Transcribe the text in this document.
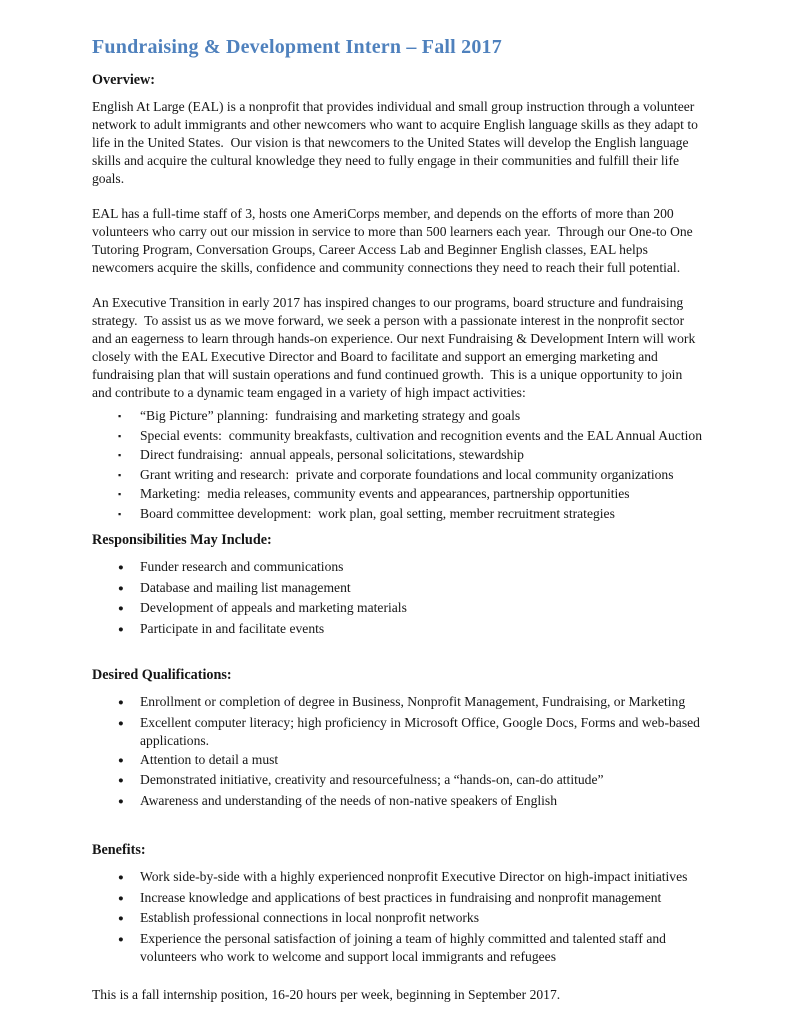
Fundraising & Development Intern – Fall 2017
Overview:

English At Large (EAL) is a nonprofit that provides individual and small group instruction through a volunteer network to adult immigrants and other newcomers who want to acquire English language skills as they adapt to life in the United States.  Our vision is that newcomers to the United States will develop the English language skills and acquire the cultural knowledge they need to fully engage in their communities and fulfill their life goals.

EAL has a full-time staff of 3, hosts one AmeriCorps member, and depends on the efforts of more than 200 volunteers who carry out our mission in service to more than 500 learners each year.  Through our One-to One Tutoring Program, Conversation Groups, Career Access Lab and Beginner English classes, EAL helps newcomers acquire the skills, confidence and community connections they need to reach their full potential.

An Executive Transition in early 2017 has inspired changes to our programs, board structure and fundraising strategy.  To assist us as we move forward, we seek a person with a passionate interest in the nonprofit sector and an eagerness to learn through hands-on experience. Our next Fundraising & Development Intern will work closely with the EAL Executive Director and Board to facilitate and support an emerging marketing and fundraising plan that will sustain operations and fund continued growth.  This is a unique opportunity to join and contribute to a dynamic team engaged in a variety of high impact activities:

▪
“Big Picture” planning:  fundraising and marketing strategy and goals
▪
Special events:  community breakfasts, cultivation and recognition events and the EAL Annual Auction
▪
Direct fundraising:  annual appeals, personal solicitations, stewardship
▪
Grant writing and research:  private and corporate foundations and local community organizations
▪
Marketing:  media releases, community events and appearances, partnership opportunities
▪
Board committee development:  work plan, goal setting, member recruitment strategies
Responsibilities May Include:
●
Funder research and communications
●
Database and mailing list management
●
Development of appeals and marketing materials
●
Participate in and facilitate events
Desired Qualifications:
●
Enrollment or completion of degree in Business, Nonprofit Management, Fundraising, or Marketing
●
Excellent computer literacy; high proficiency in Microsoft Office, Google Docs, Forms and web-based applications.
●
Attention to detail a must
●
Demonstrated initiative, creativity and resourcefulness; a “hands-on, can-do attitude”
●
Awareness and understanding of the needs of non-native speakers of English
Benefits:
●
Work side-by-side with a highly experienced nonprofit Executive Director on high-impact initiatives
●
Increase knowledge and applications of best practices in fundraising and nonprofit management
●
Establish professional connections in local nonprofit networks
●
Experience the personal satisfaction of joining a team of highly committed and talented staff and volunteers who work to welcome and support local immigrants and refugees

This is a fall internship position, 16-20 hours per week, beginning in September 2017.
